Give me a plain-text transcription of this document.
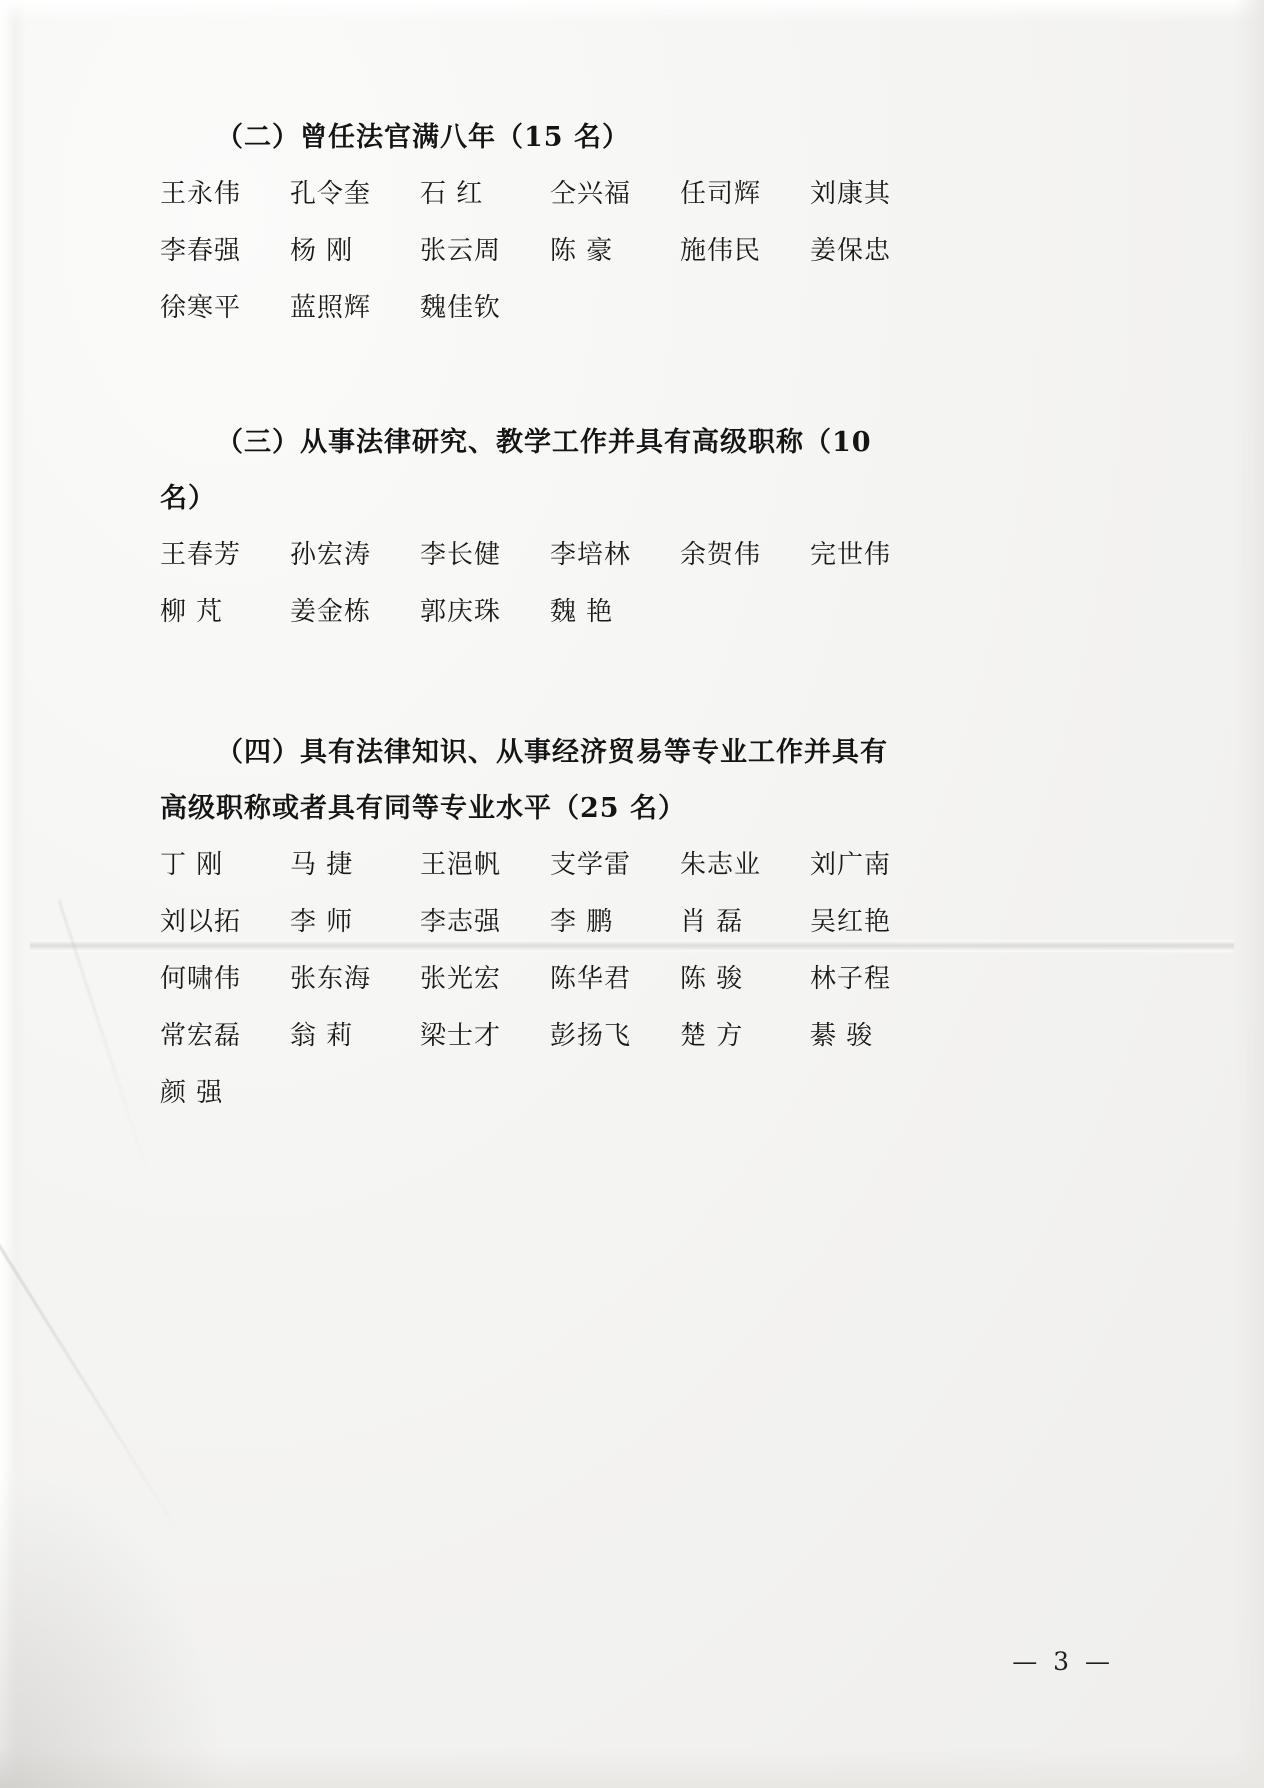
（二）曾任法官满八年（15 名）
王永伟	孔令奎	石 红	仝兴福	任司辉	刘康其
李春强	杨 刚	张云周	陈 豪	施伟民	姜保忠
徐寒平	蓝照辉	魏佳钦
（三）从事法律研究、教学工作并具有高级职称（10
名）
王春芳	孙宏涛	李长健	李培林	余贺伟	完世伟
柳 芃	姜金栋	郭庆珠	魏 艳
（四）具有法律知识、从事经济贸易等专业工作并具有
高级职称或者具有同等专业水平（25 名）
丁 刚	马 捷	王浥帆	支学雷	朱志业	刘广南
刘以拓	李 师	李志强	李 鹏	肖 磊	吴红艳
何啸伟	张东海	张光宏	陈华君	陈 骏	林子程
常宏磊	翁 莉	梁士才	彭扬飞	楚 方	綦 骏
颜 强
— 3 —
